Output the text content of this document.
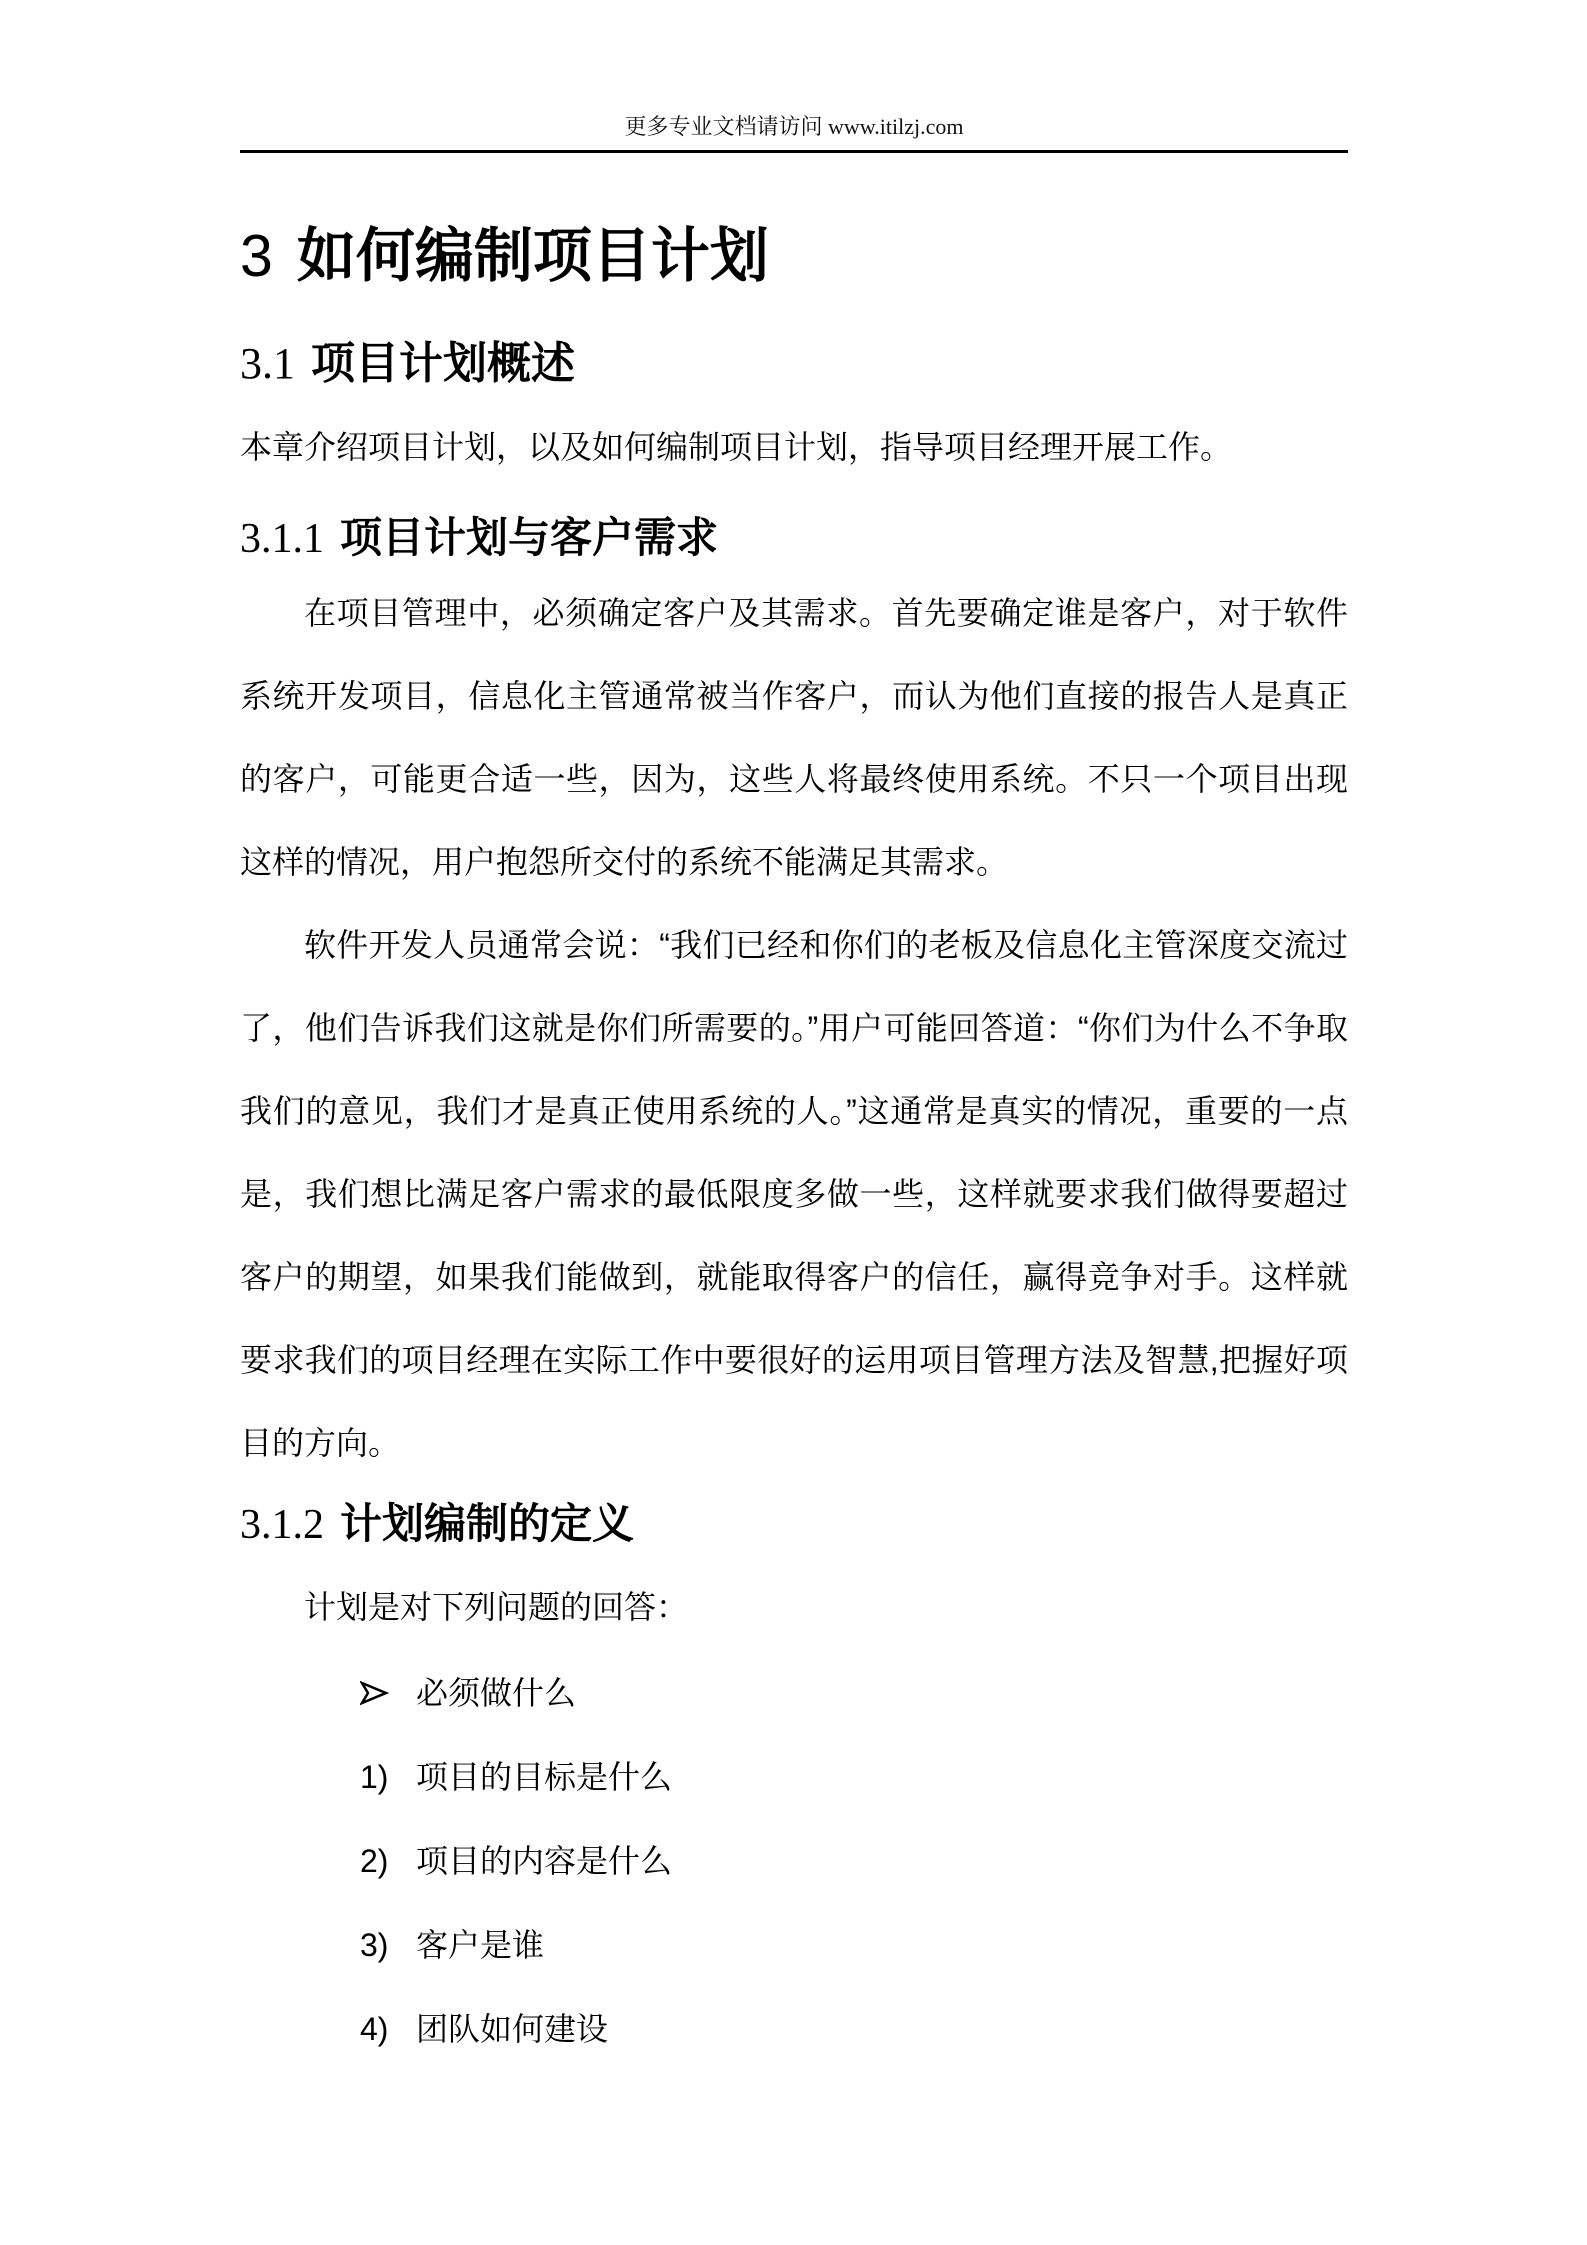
更多专业文档请访问 www.itilzj.com
3 如何编制项目计划
3.1 项目计划概述

本章介绍项目计划，以及如何编制项目计划，指导项目经理开展工作。

3.1.1 项目计划与客户需求

在项目管理中，必须确定客户及其需求。首先要确定谁是客户，对于软件系统开发项目，信息化主管通常被当作客户，而认为他们直接的报告人是真正的客户，可能更合适一些，因为，这些人将最终使用系统。不只一个项目出现这样的情况，用户抱怨所交付的系统不能满足其需求。

软件开发人员通常会说：“我们已经和你们的老板及信息化主管深度交流过了，他们告诉我们这就是你们所需要的。”用户可能回答道：“你们为什么不争取我们的意见，我们才是真正使用系统的人。”这通常是真实的情况，重要的一点是，我们想比满足客户需求的最低限度多做一些，这样就要求我们做得要超过客户的期望，如果我们能做到，就能取得客户的信任，赢得竞争对手。这样就要求我们的项目经理在实际工作中要很好的运用项目管理方法及智慧,把握好项目的方向。

3.1.2 计划编制的定义

计划是对下列问题的回答：

必须做什么
1) 项目的目标是什么
2) 项目的内容是什么
3) 客户是谁
4) 团队如何建设
